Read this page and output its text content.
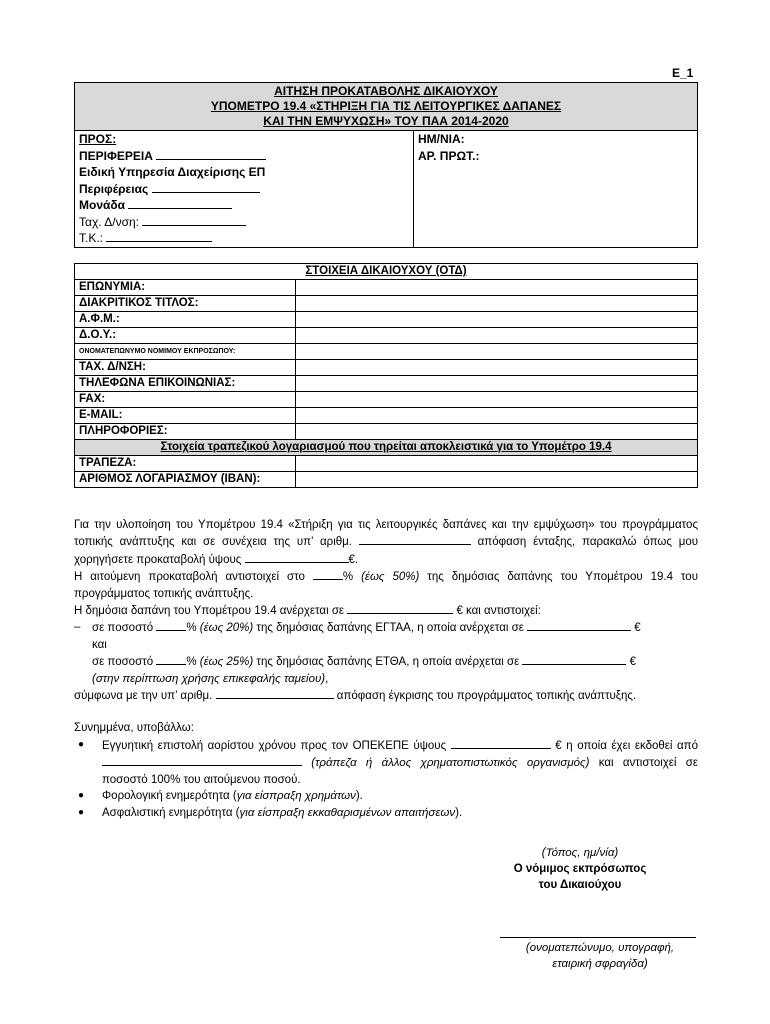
Ε_1
ΑΙΤΗΣΗ ΠΡΟΚΑΤΑΒΟΛΗΣ ΔΙΚΑΙΟΥΧΟΥ
ΥΠΟΜΕΤΡΟ 19.4 «ΣΤΗΡΙΞΗ ΓΙΑ ΤΙΣ ΛΕΙΤΟΥΡΓΙΚΕΣ ΔΑΠΑΝΕΣ
ΚΑΙ ΤΗΝ ΕΜΨΥΧΩΣΗ» ΤΟΥ ΠΑΑ 2014-2020

ΠΡΟΣ:
ΠΕΡΙΦΕΡΕΙΑ
Ειδική Υπηρεσία Διαχείρισης ΕΠ
Περιφέρειας
Μονάδα
Ταχ. Δ/νση:
Τ.Κ.:

ΗΜ/ΝΙΑ:
ΑΡ. ΠΡΩΤ.:
ΣΤΟΙΧΕΙΑ ΔΙΚΑΙΟΥΧΟΥ (ΟΤΔ)	
ΕΠΩΝΥΜΙΑ:	
ΔΙΑΚΡΙΤΙΚΟΣ ΤΙΤΛΟΣ:	
Α.Φ.Μ.:	
Δ.Ο.Υ.:	
ΟΝΟΜΑΤΕΠΩΝΥΜΟ ΝΟΜΙΜΟΥ ΕΚΠΡΟΣΩΠΟΥ:	
ΤΑΧ. Δ/ΝΣΗ:	
ΤΗΛΕΦΩΝΑ ΕΠΙΚΟΙΝΩΝΙΑΣ:	
FAX:	
E-MAIL:	
ΠΛΗΡΟΦΟΡΙΕΣ:	
Στοιχεία τραπεζικού λογαριασμού που τηρείται αποκλειστικά για το Υπομέτρο 19.4	
ΤΡΑΠΕΖΑ:	
ΑΡΙΘΜΟΣ ΛΟΓΑΡΙΑΣΜΟΥ (IBAN):	

Για την υλοποίηση του Υπομέτρου 19.4 «Στήριξη για τις λειτουργικές δαπάνες και την εμψύχωση» του προγράμματος τοπικής ανάπτυξης και σε συνέχεια της υπ’ αριθμ.	απόφαση ένταξης, παρακαλώ όπως μου χορηγήσετε προκαταβολή ύψους	€.

Η αιτούμενη προκαταβολή αντιστοιχεί στο	% (έως 50%) της δημόσιας δαπάνης του Υπομέτρου 19.4 του προγράμματος τοπικής ανάπτυξης.

Η δημόσια δαπάνη του Υπομέτρου 19.4 ανέρχεται σε	€ και αντιστοιχεί:

– σε ποσοστό	% (έως 20%) της δημόσιας δαπάνης ΕΓΤΑΑ, η οποία ανέρχεται σε	€
και

σε ποσοστό	% (έως 25%) της δημόσιας δαπάνης ΕΤΘΑ, η οποία ανέρχεται σε	€
(στην περίπτωση χρήσης επικεφαλής ταμείου),

σύμφωνα με την υπ’ αριθμ.	απόφαση έγκρισης του προγράμματος τοπικής ανάπτυξης.

Συνημμένα, υποβάλλω:

● Εγγυητική επιστολή αορίστου χρόνου προς τον ΟΠΕΚΕΠΕ ύψους	€ η οποία έχει εκδοθεί από  (τράπεζα ή άλλος χρηματοπιστωτικός οργανισμός) και αντιστοιχεί σε ποσοστό 100% του αιτούμενου ποσού.

● Φορολογική ενημερότητα (για είσπραξη χρημάτων).

● Ασφαλιστική ενημερότητα (για είσπραξη εκκαθαρισμένων απαιτήσεων).

(Τόπος, ημ/νία)
Ο νόμιμος εκπρόσωπος
του Δικαιούχου
(ονοματεπώνυμο, υπογραφή,
εταιρική σφραγίδα)
